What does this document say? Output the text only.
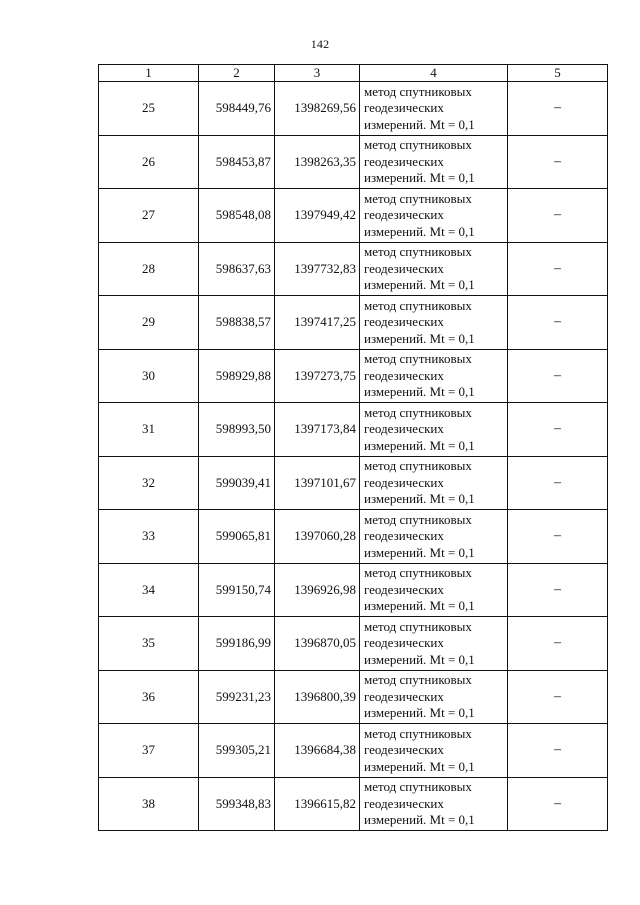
142
1	2	3	4	5
25	598449,76	1398269,56	метод спутниковых
геодезических
измерений. Mt = 0,1	–
26	598453,87	1398263,35	метод спутниковых
геодезических
измерений. Mt = 0,1	–
27	598548,08	1397949,42	метод спутниковых
геодезических
измерений. Mt = 0,1	–
28	598637,63	1397732,83	метод спутниковых
геодезических
измерений. Mt = 0,1	–
29	598838,57	1397417,25	метод спутниковых
геодезических
измерений. Mt = 0,1	–
30	598929,88	1397273,75	метод спутниковых
геодезических
измерений. Mt = 0,1	–
31	598993,50	1397173,84	метод спутниковых
геодезических
измерений. Mt = 0,1	–
32	599039,41	1397101,67	метод спутниковых
геодезических
измерений. Mt = 0,1	–
33	599065,81	1397060,28	метод спутниковых
геодезических
измерений. Mt = 0,1	–
34	599150,74	1396926,98	метод спутниковых
геодезических
измерений. Mt = 0,1	–
35	599186,99	1396870,05	метод спутниковых
геодезических
измерений. Mt = 0,1	–
36	599231,23	1396800,39	метод спутниковых
геодезических
измерений. Mt = 0,1	–
37	599305,21	1396684,38	метод спутниковых
геодезических
измерений. Mt = 0,1	–
38	599348,83	1396615,82	метод спутниковых
геодезических
измерений. Mt = 0,1	–
